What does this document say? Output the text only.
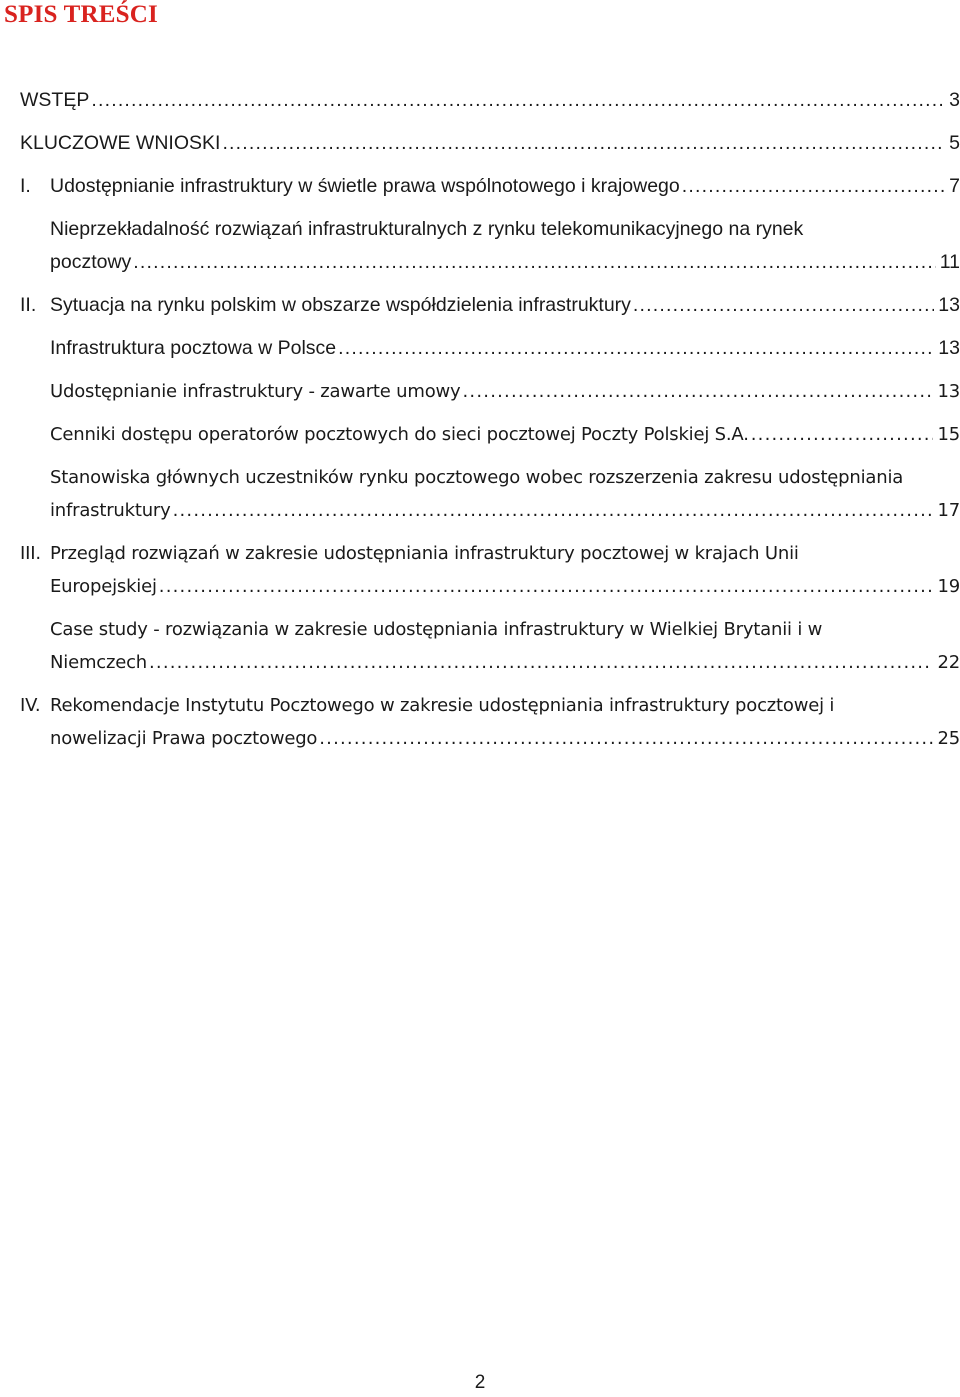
SPIS TREŚCI
WSTĘP .....	3
KLUCZOWE WNIOSKI .....	5
I. Udostępnianie infrastruktury w świetle prawa wspólnotowego i krajowego .....	7
Nieprzekładalność rozwiązań infrastrukturalnych z rynku telekomunikacyjnego na rynek
pocztowy .....	11
II. Sytuacja na rynku polskim w obszarze współdzielenia infrastruktury .....	13
Infrastruktura pocztowa w Polsce .....	13
Udostępnianie infrastruktury - zawarte umowy .....	13
Cenniki dostępu operatorów pocztowych do sieci pocztowej Poczty Polskiej S.A. .....	15
Stanowiska głównych uczestników rynku pocztowego wobec rozszerzenia zakresu udostępniania
infrastruktury .....	17
III. Przegląd rozwiązań w zakresie udostępniania infrastruktury pocztowej w krajach Unii
Europejskiej .....	19
Case study - rozwiązania w zakresie udostępniania infrastruktury w Wielkiej Brytanii i w
Niemczech .....	22
IV. Rekomendacje Instytutu Pocztowego w zakresie udostępniania infrastruktury pocztowej i
nowelizacji Prawa pocztowego .....	25
2
